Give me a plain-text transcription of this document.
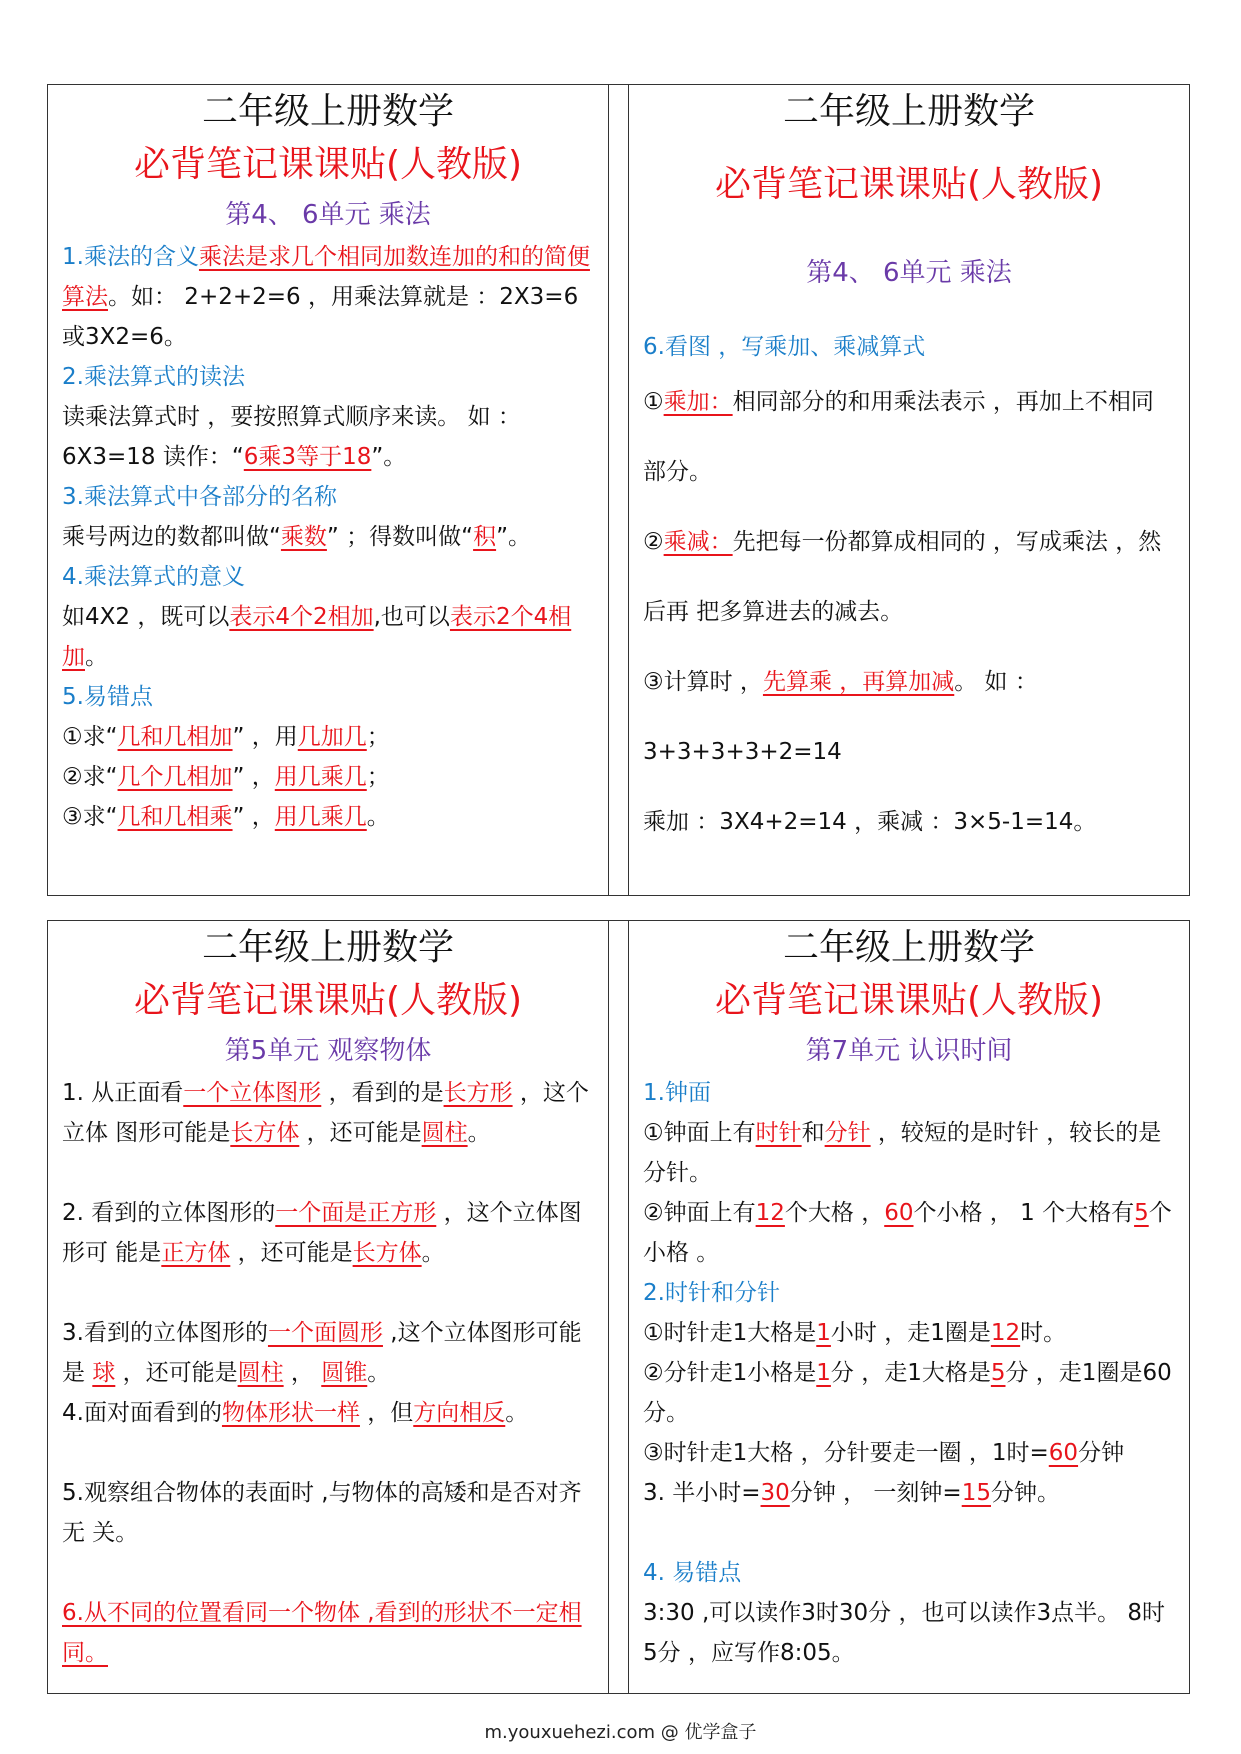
二年级上册数学
必背笔记课课贴(人教版)
第4、 6单元 乘法
1.乘法的含义乘法是求几个相同加数连加的和的简便算法。如： 2+2+2=6 ，用乘法算就是 ：2X3=6或3X2=6。
2.乘法算式的读法
读乘法算式时 ，要按照算式顺序来读。 如 ：6X3=18 读作：“6乘3等于18”。
3.乘法算式中各部分的名称
乘号两边的数都叫做“乘数” ；得数叫做“积”。
4.乘法算式的意义
如4X2 ，既可以表示4个2相加,也可以表示2个4相加。
5.易错点
①求“几和几相加” ，用几加几；
②求“几个几相加” ，用几乘几；
③求“几和几相乘” ，用几乘几。
二年级上册数学
必背笔记课课贴(人教版)
第4、 6单元 乘法
6.看图 ，写乘加、乘减算式
①乘加：相同部分的和用乘法表示 ，再加上不相同部分。
②乘减：先把每一份都算成相同的 ，写成乘法 ，然后再 把多算进去的减去。
③计算时 ，先算乘 ，再算加减。 如 ：
3+3+3+3+2=14
乘加 ：3X4+2=14 ，乘减 ：3×5-1=14。
二年级上册数学
必背笔记课课贴(人教版)
第5单元 观察物体
1. 从正面看一个立体图形 ，看到的是长方形 ，这个立体 图形可能是长方体 ，还可能是圆柱。
2. 看到的立体图形的一个面是正方形 ，这个立体图形可 能是正方体 ，还可能是长方体。
3.看到的立体图形的一个面圆形 ,这个立体图形可能是 球 ，还可能是圆柱 ， 圆锥。
4.面对面看到的物体形状一样 ，但方向相反。
5.观察组合物体的表面时 ,与物体的高矮和是否对齐无 关。
6.从不同的位置看同一个物体 ,看到的形状不一定相同。
二年级上册数学
必背笔记课课贴(人教版)
第7单元 认识时间
1.钟面
①钟面上有时针和分针 ，较短的是时针 ，较长的是分针。
②钟面上有12个大格 ，60个小格 ， 1 个大格有5个小格 。
2.时针和分针
①时针走1大格是1小时 ，走1圈是12时。
②分针走1小格是1分 ，走1大格是5分 ，走1圈是60分。
③时针走1大格 ，分针要走一圈 ，1时=60分钟
3. 半小时=30分钟 ， 一刻钟=15分钟。
4. 易错点
3:30 ,可以读作3时30分 ，也可以读作3点半。 8时5分 ，应写作8:05。
m.youxuehezi.com @ 优学盒子
